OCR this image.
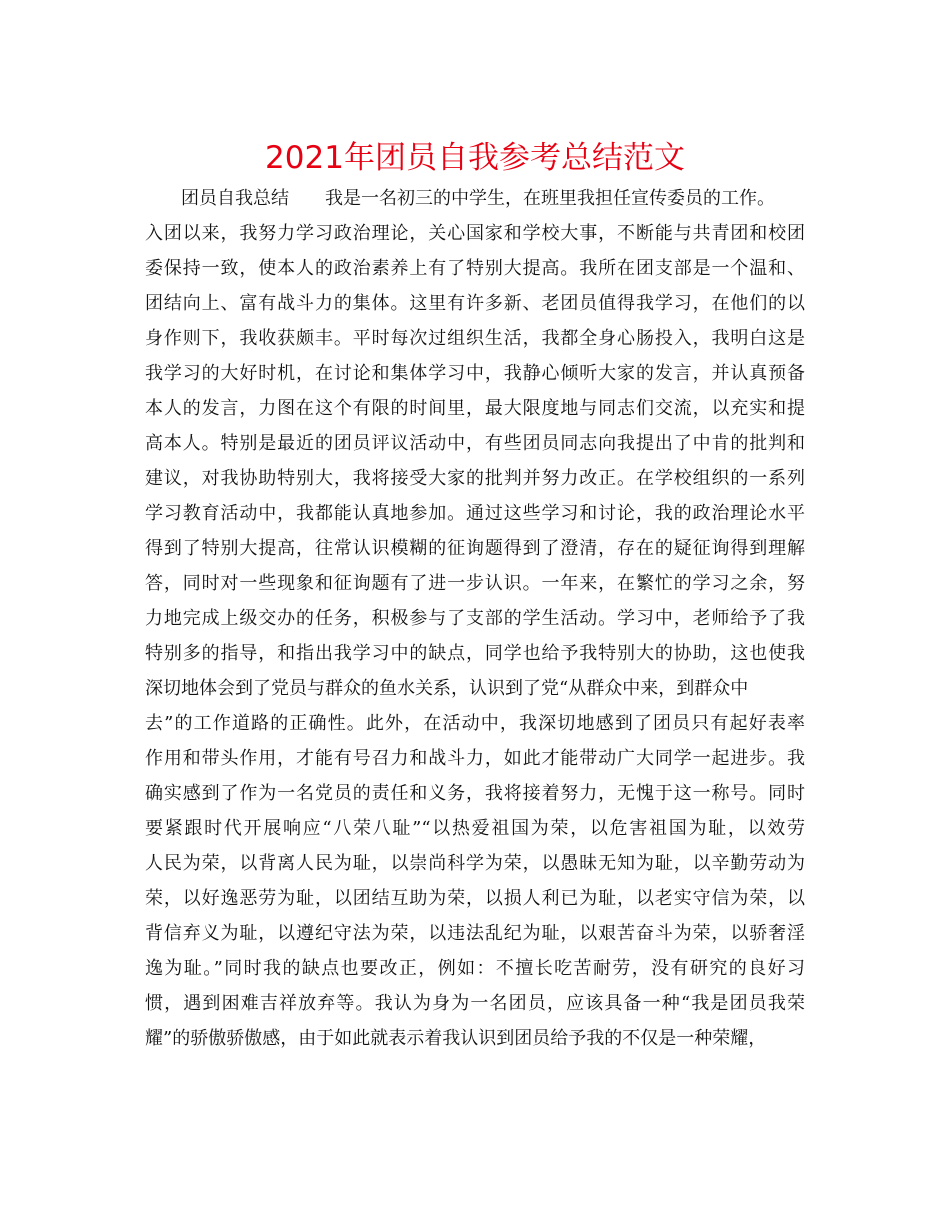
2021年团员自我参考总结范文
团员自我总结　　我是一名初三的中学生，在班里我担任宣传委员的工作。
入团以来，我努力学习政治理论，关心国家和学校大事，不断能与共青团和校团
委保持一致，使本人的政治素养上有了特别大提高。我所在团支部是一个温和、
团结向上、富有战斗力的集体。这里有许多新、老团员值得我学习，在他们的以
身作则下，我收获颇丰。平时每次过组织生活，我都全身心肠投入，我明白这是
我学习的大好时机，在讨论和集体学习中，我静心倾听大家的发言，并认真预备
本人的发言，力图在这个有限的时间里，最大限度地与同志们交流，以充实和提
高本人。特别是最近的团员评议活动中，有些团员同志向我提出了中肯的批判和
建议，对我协助特别大，我将接受大家的批判并努力改正。在学校组织的一系列
学习教育活动中，我都能认真地参加。通过这些学习和讨论，我的政治理论水平
得到了特别大提高，往常认识模糊的征询题得到了澄清，存在的疑征询得到理解
答，同时对一些现象和征询题有了进一步认识。一年来，在繁忙的学习之余，努
力地完成上级交办的任务，积极参与了支部的学生活动。学习中，老师给予了我
特别多的指导，和指出我学习中的缺点，同学也给予我特别大的协助，这也使我
深切地体会到了党员与群众的鱼水关系，认识到了党“从群众中来，到群众中
去”的工作道路的正确性。此外，在活动中，我深切地感到了团员只有起好表率
作用和带头作用，才能有号召力和战斗力，如此才能带动广大同学一起进步。我
确实感到了作为一名党员的责任和义务，我将接着努力，无愧于这一称号。同时
要紧跟时代开展响应“八荣八耻”“以热爱祖国为荣，以危害祖国为耻，以效劳
人民为荣，以背离人民为耻，以崇尚科学为荣，以愚昧无知为耻，以辛勤劳动为
荣，以好逸恶劳为耻，以团结互助为荣，以损人利已为耻，以老实守信为荣，以
背信弃义为耻，以遵纪守法为荣，以违法乱纪为耻，以艰苦奋斗为荣，以骄奢淫
逸为耻。”同时我的缺点也要改正，例如：不擅长吃苦耐劳，没有研究的良好习
惯，遇到困难吉祥放弃等。我认为身为一名团员，应该具备一种“我是团员我荣
耀”的骄傲骄傲感，由于如此就表示着我认识到团员给予我的不仅是一种荣耀，
